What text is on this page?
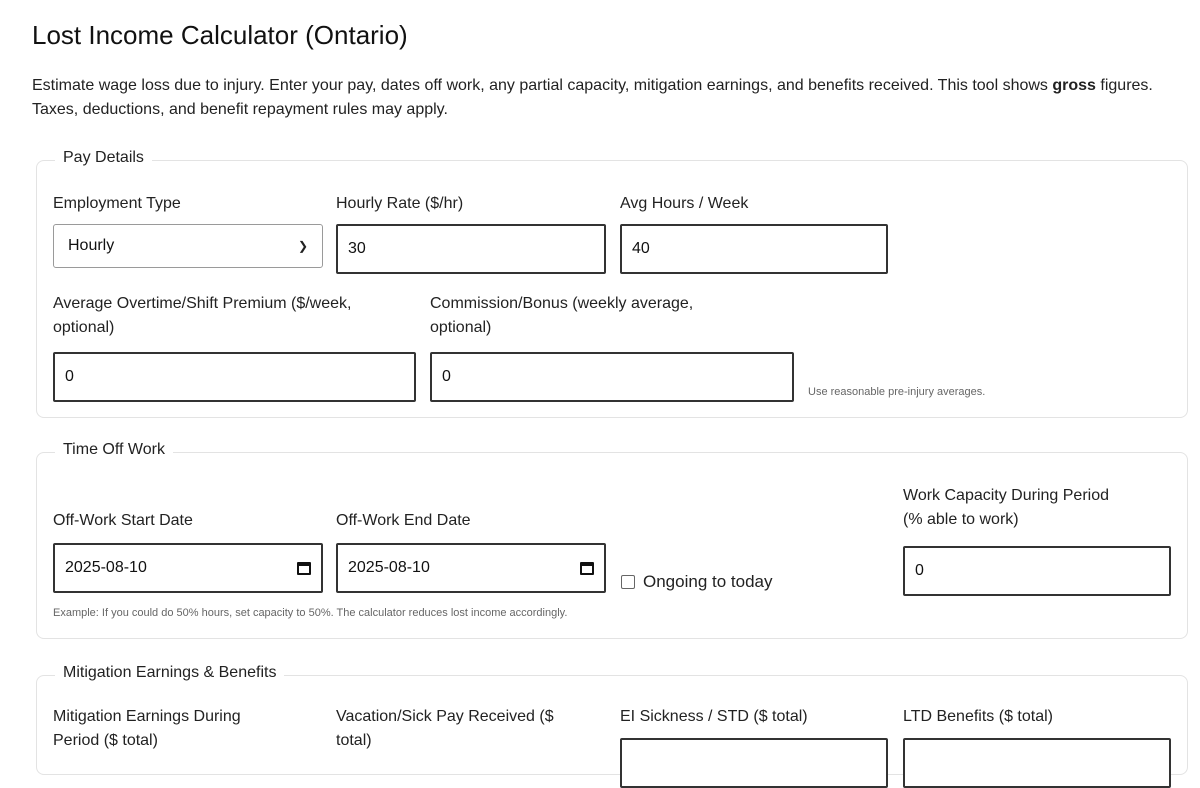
Lost Income Calculator (Ontario)

Estimate wage loss due to injury. Enter your pay, dates off work, any partial capacity, mitigation earnings, and benefits received. This tool shows gross figures. Taxes, deductions, and benefit repayment rules may apply.

Pay Details
Employment Type
Hourly	❯
Hourly Rate ($/hr)
30
Avg Hours / Week
40
Average Overtime/Shift Premium ($/week,
optional)
0
Commission/Bonus (weekly average,
optional)
0
Use reasonable pre-injury averages.
Time Off Work
Off-Work Start Date
2025-08-10
Off-Work End Date
2025-08-10
Ongoing to today
Work Capacity During Period
(% able to work)
0
Example: If you could do 50% hours, set capacity to 50%. The calculator reduces lost income accordingly.
Mitigation Earnings & Benefits
Mitigation Earnings During
Period ($ total)
Vacation/Sick Pay Received ($
total)
EI Sickness / STD ($ total)	LTD Benefits ($ total)
